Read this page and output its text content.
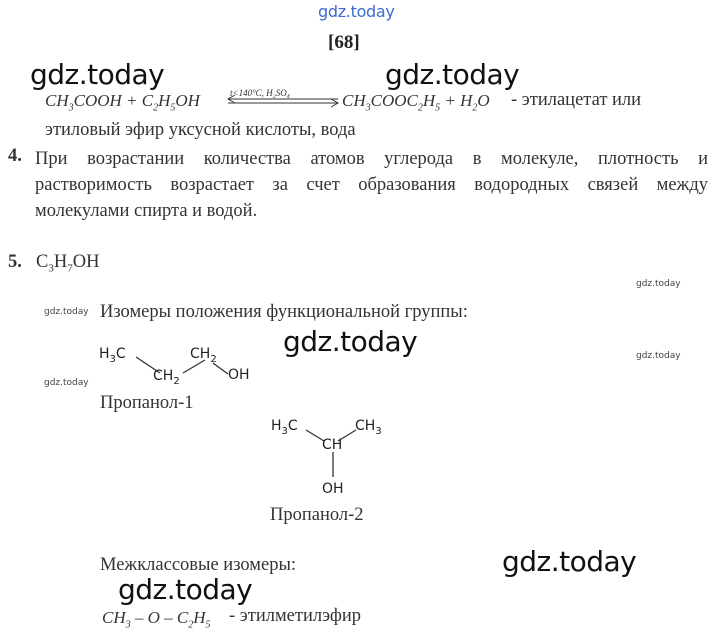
gdz.today
gdz.today	gdz.today
gdz.today
gdz.today
gdz.today
gdz.today
gdz.today
gdz.today
gdz.today
[68]
$CH_3COOH + C_2H_5OH$	t<140°C, H₂SO₄	$CH_3COOC_2H_5 + H_2O$ - этилацетат или
этиловый эфир уксусной кислоты, вода
4. При возрастании количества атомов углерода в молекуле, плотность и растворимость возрастает за счет образования водородных связей между молекулами спирта и водой.
5. $C_3H_7OH$
Изомеры положения функциональной группы:
$H_3C$	$CH_2$
$CH_2$	OH
Пропанол-1
$H_3C$	$CH_3$
CH
OH
Пропанол-2
Межклассовые изомеры:
$CH_3$ – O – $C_2H_5$ - этилметилэфир
